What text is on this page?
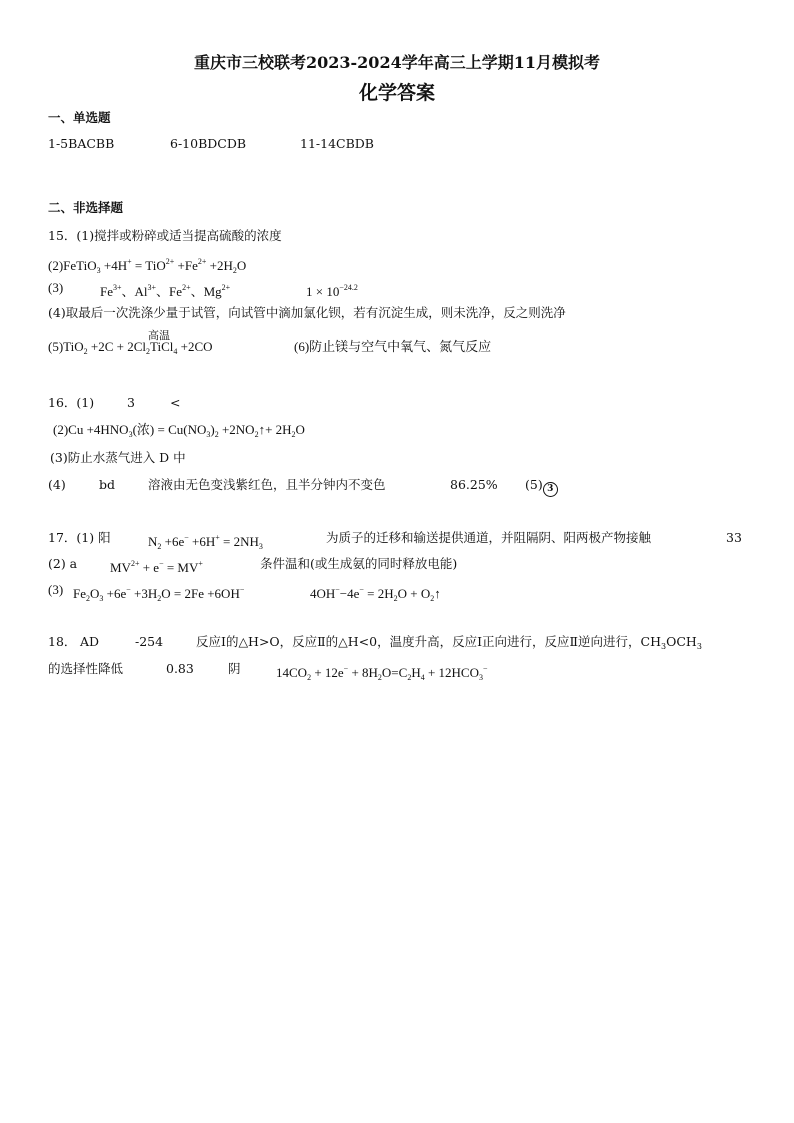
重庆市三校联考2023-2024学年高三上学期11月模拟考
化学答案
一、单选题
1-5BACBB	6-10BDCDB	11-14CBDB
二、非选择题
15．(1)搅拌或粉碎或适当提高硫酸的浓度
(2)FeTiO$_3$ $+4H^+ = TiO^{2+} +Fe^{2+} +2H_2O$
(3)	$Fe^{3+}$、$Al^{3+}$、$Fe^{2+}$、$Mg^{2+}$	$1 \times 10^{-24.2}$
(4)取最后一次洗涤少量于试管，向试管中滴加氯化钡，若有沉淀生成，则未洗净，反之则洗净
$(5)TiO_2 +2C + 2Cl_2$
高温
TiCl$_4$ +2CO	(6)防止镁与空气中氧气、氮气反应
16．(1)	3	<
$(2)Cu +4HNO_3$(浓) = $Cu(NO_3)_2$ $+2NO_2↑+ 2H_2O$
(3)防止水蒸气进入 D 中
(4)	bd	溶液由无色变浅紫红色，且半分钟内不变色	86.25% (5) 3
17．(1) 阳	$N_2 +6e^- +6H^+ = 2NH_3$
为质子的迁移和输送提供通道，并阻隔阴、阳两极产物接触	33
(2) a	$MV^{2+} + e^- = MV^+$	条件温和(或生成氨的同时释放电能)
(3) $Fe_2O_3 +6e^- +3H_2O = 2Fe +6OH^-$	$4OH^--4e^- = 2H_2O$ + $O_2↑$
18． AD	-254	反应Ⅰ的△H>O，反应Ⅱ的△H<0，温度升高，反应Ⅰ正向进行，反应Ⅱ逆向进行，$CH_3OCH_3$
的选择性降低	0.83	阴	$14CO_2 + 12e^- + 8H_2O=C_2H_4 + 12HCO_3^-$
